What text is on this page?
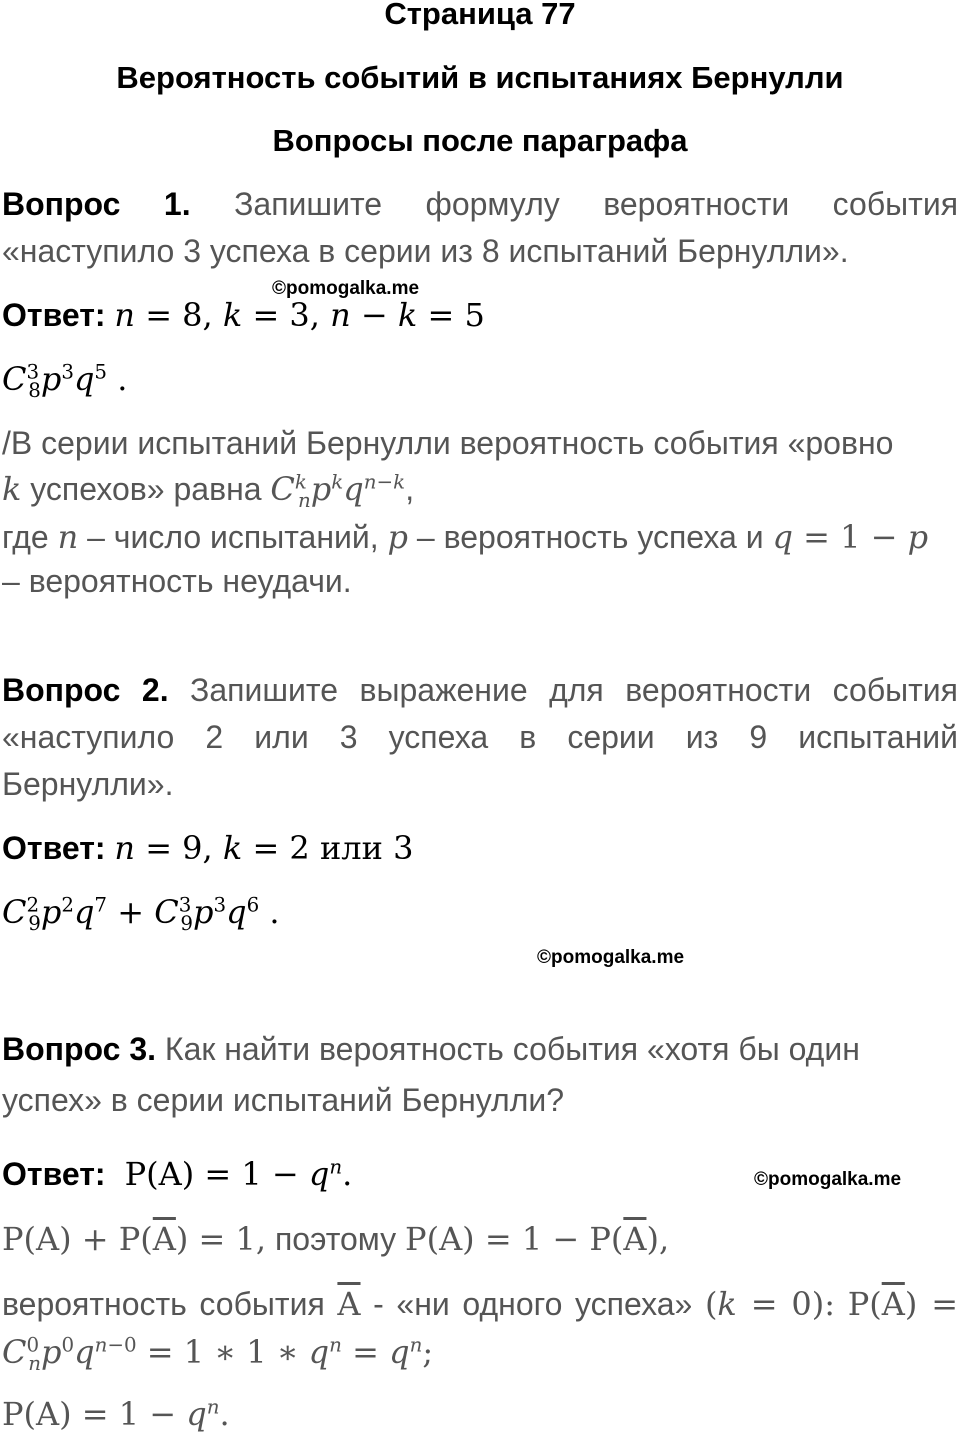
Страница 77
Вероятность событий в испытаниях Бернулли
Вопросы после параграфа
Вопрос 1. Запишите формулу вероятности события
«наступило 3 успеха в серии из 8 испытаний Бернулли».
©pomogalka.me
Ответ: n = 8, k = 3, n − k = 5
$C^3_8p^3q^5$ .
/В серии испытаний Бернулли вероятность события «ровно
k успехов» равна $C^k_np^kq^{n-k}$,
где n – число испытаний, p – вероятность успеха и q = 1 − p
– вероятность неудачи.
Вопрос 2. Запишите выражение для вероятности события
«наступило 2 или 3 успеха в серии из 9 испытаний
Бернулли».
Ответ: n = 9, k = 2 или 3
$C^2_9p^2q^7 + C^3_9p^3q^6$ .
©pomogalka.me
Вопрос 3. Как найти вероятность события «хотя бы один
успех» в серии испытаний Бернулли?
Ответ:  $P(A) = 1 - q^n$.	©pomogalka.me
$P(A) + P(\overline{A}) = 1$, поэтому $P(A) = 1 - P(\overline{A})$,
вероятность события $\overline{A}$ - «ни одного успеха» (k = 0): $P(\overline{A})$ =
$C^0_np^0q^{n-0} = 1$ ∗ 1 ∗ $q^n = q^n$;
$P(A) = 1 - q^n$.
